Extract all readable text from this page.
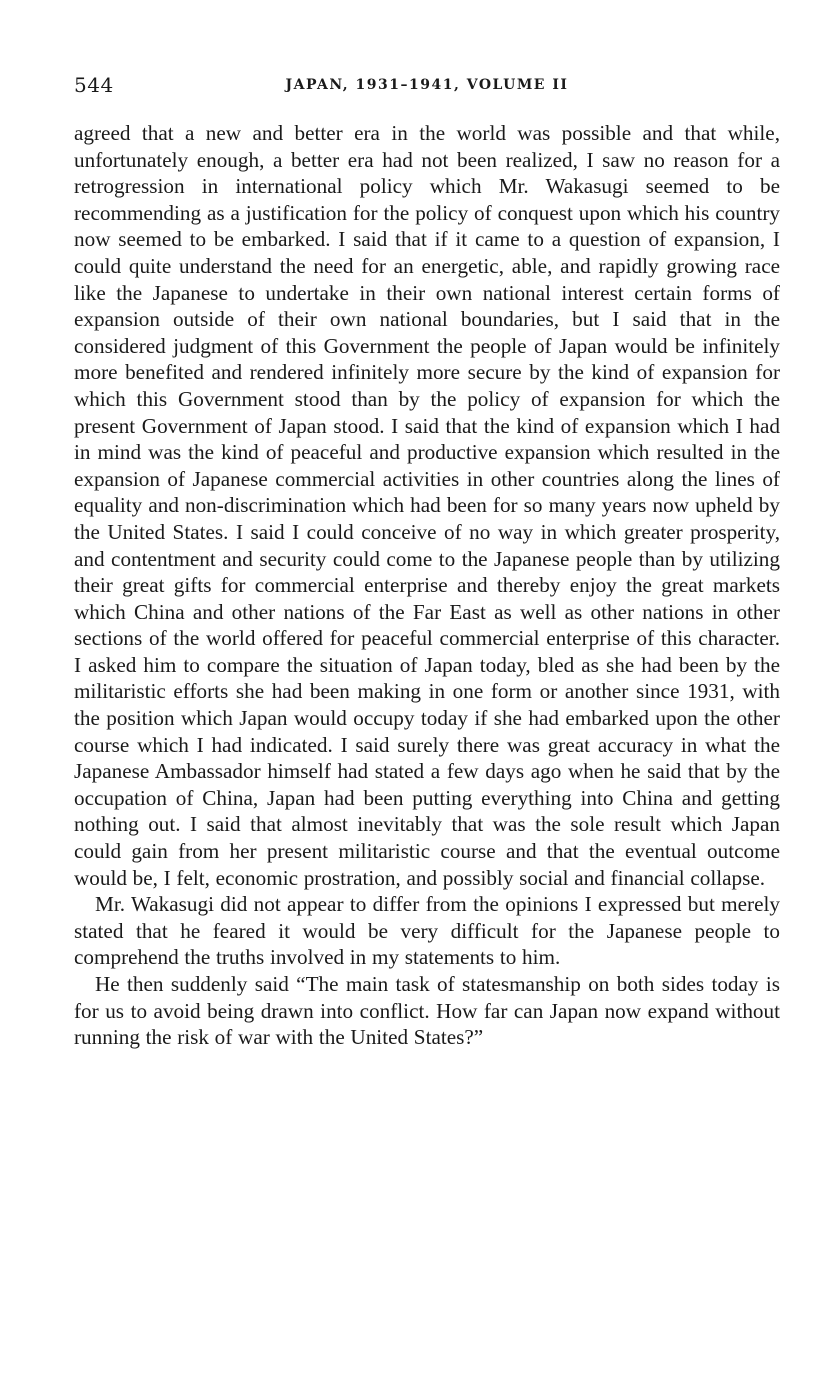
544	JAPAN, 1931–1941, VOLUME II

agreed that a new and better era in the world was possible and that while, unfortunately enough, a better era had not been realized, I saw no reason for a retrogression in international policy which Mr. Wakasugi seemed to be recommending as a justification for the policy of conquest upon which his country now seemed to be embarked. I said that if it came to a question of expansion, I could quite understand the need for an energetic, able, and rapidly growing race like the Japanese to undertake in their own national interest certain forms of expansion outside of their own national boundaries, but I said that in the considered judgment of this Government the people of Japan would be infinitely more benefited and rendered infinitely more secure by the kind of expansion for which this Government stood than by the policy of expansion for which the present Government of Japan stood. I said that the kind of expansion which I had in mind was the kind of peaceful and productive expansion which resulted in the expansion of Japanese commercial activities in other countries along the lines of equality and non-discrimination which had been for so many years now upheld by the United States. I said I could conceive of no way in which greater prosperity, and contentment and security could come to the Japanese people than by utilizing their great gifts for commercial enterprise and thereby enjoy the great markets which China and other nations of the Far East as well as other nations in other sections of the world offered for peaceful commercial enterprise of this character. I asked him to compare the situation of Japan today, bled as she had been by the militaristic efforts she had been making in one form or another since 1931, with the position which Japan would occupy today if she had embarked upon the other course which I had indicated. I said surely there was great accuracy in what the Japanese Ambassador himself had stated a few days ago when he said that by the occupation of China, Japan had been putting everything into China and getting nothing out. I said that almost inevitably that was the sole result which Japan could gain from her present militaristic course and that the eventual outcome would be, I felt, economic prostration, and possibly social and financial collapse.

Mr. Wakasugi did not appear to differ from the opinions I expressed but merely stated that he feared it would be very difficult for the Japanese people to comprehend the truths involved in my statements to him.

He then suddenly said “The main task of statesmanship on both sides today is for us to avoid being drawn into conflict. How far can Japan now expand without running the risk of war with the United States?”
